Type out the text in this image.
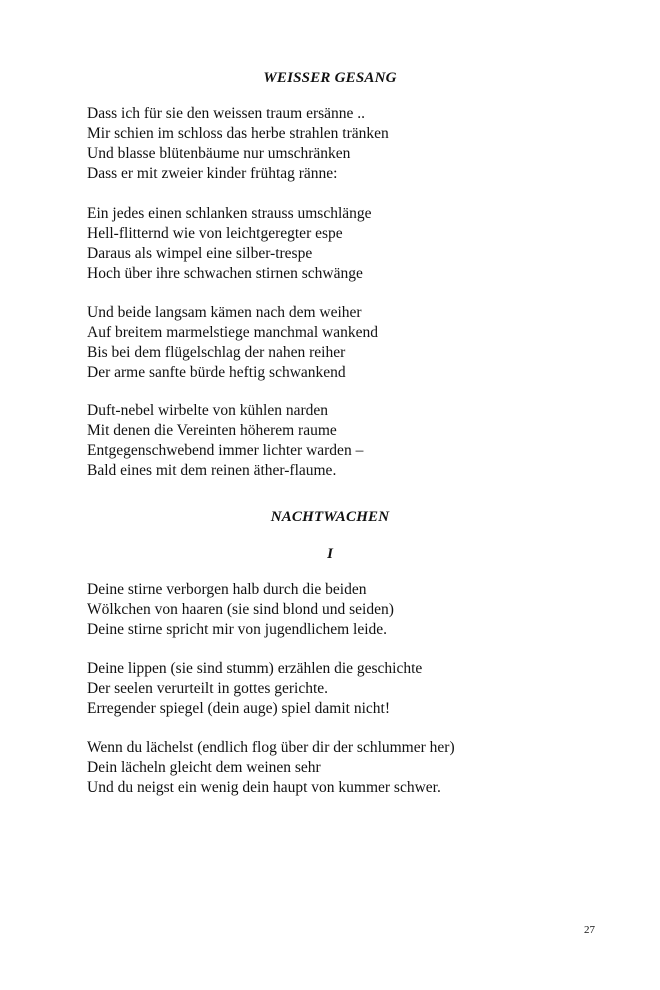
WEISSER GESANG
Dass ich für sie den weissen traum ersänne ..
Mir schien im schloss das herbe strahlen tränken
Und blasse blütenbäume nur umschränken
Dass er mit zweier kinder frühtag ränne:
Ein jedes einen schlanken strauss umschlänge
Hell-flitternd wie von leichtgeregter espe
Daraus als wimpel eine silber-trespe
Hoch über ihre schwachen stirnen schwänge
Und beide langsam kämen nach dem weiher
Auf breitem marmelstiege manchmal wankend
Bis bei dem flügelschlag der nahen reiher
Der arme sanfte bürde heftig schwankend
Duft-nebel wirbelte von kühlen narden
Mit denen die Vereinten höherem raume
Entgegenschwebend immer lichter warden –
Bald eines mit dem reinen äther-flaume.
NACHTWACHEN
I
Deine stirne verborgen halb durch die beiden
Wölkchen von haaren (sie sind blond und seiden)
Deine stirne spricht mir von jugendlichem leide.
Deine lippen (sie sind stumm) erzählen die geschichte
Der seelen verurteilt in gottes gerichte.
Erregender spiegel (dein auge) spiel damit nicht!
Wenn du lächelst (endlich flog über dir der schlummer her)
Dein lächeln gleicht dem weinen sehr
Und du neigst ein wenig dein haupt von kummer schwer.
27
